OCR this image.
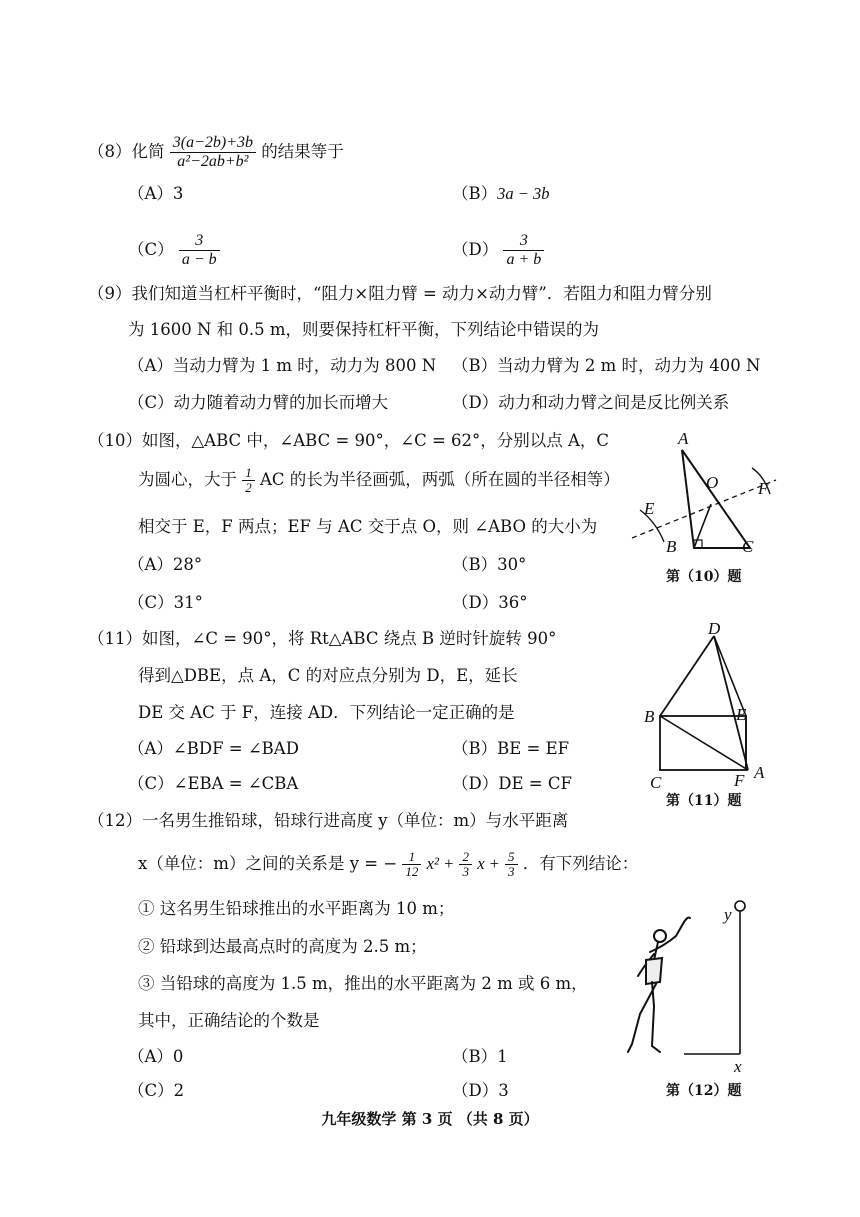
（8）化简 $\frac{3(a-2b)+3b}{\text{a²−2ab+b²}}$ 的结果等于
（A）3	（B）3a − 3b
$(C) \frac{3}{a - b}$	$(D) \frac{3}{a + b}$
（9）我们知道当杠杆平衡时，“阻力×阻力臂 = 动力×动力臂”．若阻力和阻力臂分别
为 1600 N 和 0.5 m，则要保持杠杆平衡，下列结论中错误的为
（A）当动力臂为 1 m 时，动力为 800 N （B）当动力臂为 2 m 时，动力为 400 N
（C）动力随着动力臂的加长而增大	（D）动力和动力臂之间是反比例关系
（10）如图，△ABC 中，∠ABC = 90°，∠C = 62°，分别以点 A，C
为圆心，大于 $\frac{1}{2}$ AC 的长为半径画弧，两弧（所在圆的半径相等）
相交于 E，F 两点；EF 与 AC 交于点 O，则 ∠ABO 的大小为
（A）28°	（B）30°
（C）31°	（D）36°
A
B	C
E
F
O
第（10）题
（11）如图，∠C = 90°，将 Rt△ABC 绕点 B 逆时针旋转 90°
得到△DBE，点 A，C 的对应点分别为 D，E，延长
DE 交 AC 于 F，连接 AD．下列结论一定正确的是
（A）∠BDF = ∠BAD	（B）BE = EF
（C）∠EBA = ∠CBA	（D）DE = CF
D
B	E
C	F A
第（11）题
（12）一名男生推铅球，铅球行进高度 y（单位：m）与水平距离
x（单位：m）之间的关系是 y = − $\frac{1}{12} x^2 + \frac{2}{3}$ $x + \frac{5}{3}$ ．有下列结论：
① 这名男生铅球推出的水平距离为 10 m；
② 铅球到达最高点时的高度为 2.5 m；
③ 当铅球的高度为 1.5 m，推出的水平距离为 2 m 或 6 m，
其中，正确结论的个数是
（A）0	（B）1
（C）2	（D）3
y
x
第（12）题
九年级数学 第 3 页 （共 8 页）
